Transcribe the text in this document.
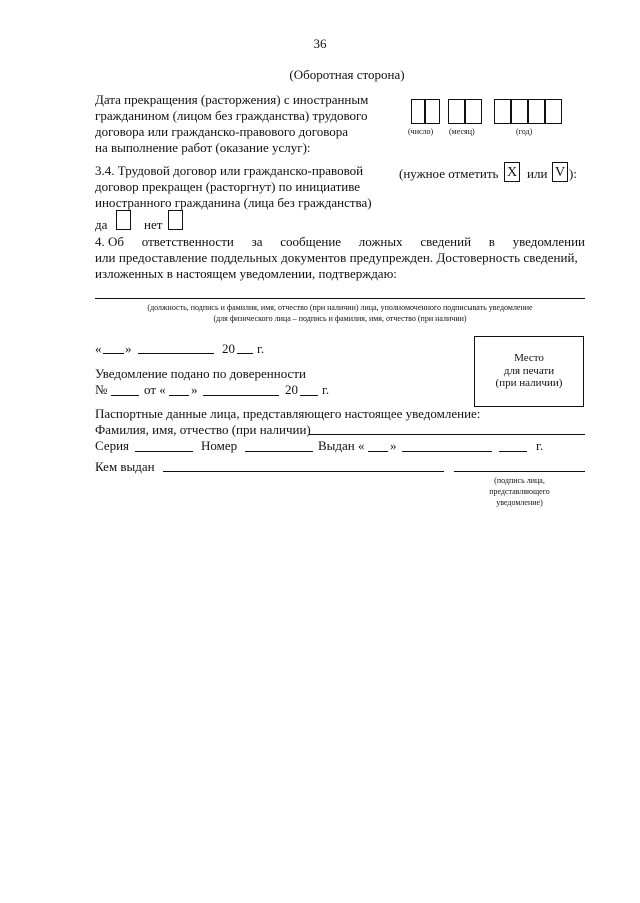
36
(Оборотная сторона)
Дата прекращения (расторжения) с иностранным
гражданином (лицом без гражданства) трудового
договора или гражданско-правового договора
на выполнение работ (оказание услуг):
(число) (месяц)	(год)
3.4. Трудовой договор или гражданско-правовой
договор прекращен (расторгнут) по инициативе
иностранного гражданина (лица без гражданства)
(нужное отметить X или V ):
да	нет
4. Об ответственности за сообщение ложных сведений в уведомлении
или предоставление поддельных документов предупрежден. Достоверность сведений,
изложенных в настоящем уведомлении, подтверждаю:
(должность, подпись и фамилия, имя, отчество (при наличии) лица, уполномоченного подписывать уведомление
(для физического лица – подпись и фамилия, имя, отчество (при наличии)
« »	20 г.
Место
для печати
(при наличии)
Уведомление подано по доверенности
№	от « »	20 г.
Паспортные данные лица, представляющего настоящее уведомление:
Фамилия, имя, отчество (при наличии)
Серия	Номер	Выдан « »	г.
Кем выдан
(подпись лица,
представляющего
уведомление)
